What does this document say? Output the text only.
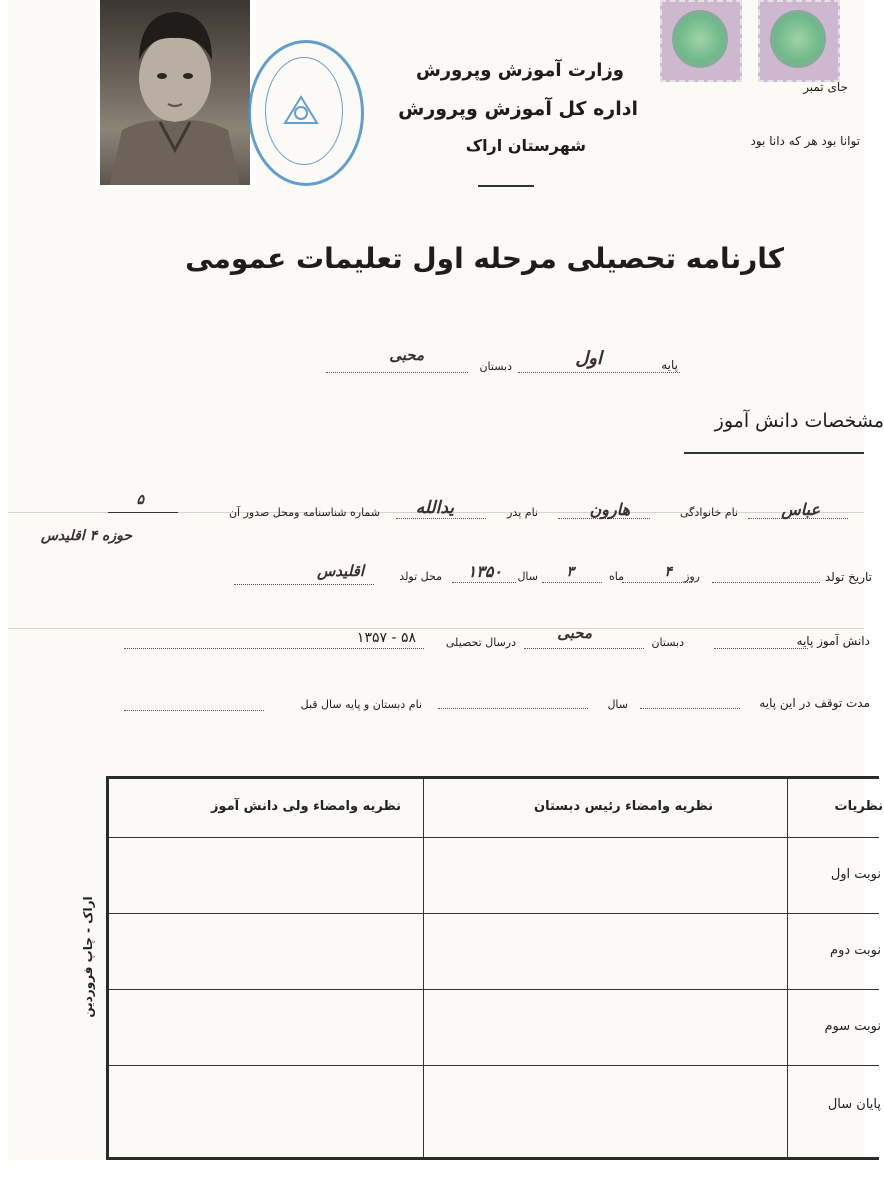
وزارت آموزش وپرورش
اداره کل آموزش وپرورش
شهرستان اراک
جای تمبر
توانا بود هر که دانا بود
کارنامه تحصیلی مرحله اول تعلیمات عمومی
پایه
اول
دبستان
محبی
مشخصات دانش آموز
عباس
نام خانوادگی
هارون
نام پدر
یدالله
شماره شناسنامه ومحل صدور آن
۵
حوزه ۴ اقلیدس
تاریخ تولد
روز
۴
ماه
۳
سال
۱۳۵۰
محل تولد
اقلیدس
دانش آموز پایه
دبستان
محبی
درسال تحصیلی
۱۳۵۷ - ۵۸
مدت توقف در این پایه
سال
نام دبستان و پایه سال قبل
نظریه وامضاء ولی دانش آموز	نظریه وامضاء رئیس دبستان	نظریات
نوبت اول
نوبت دوم
نوبت سوم
پایان سال
اراک - چاپ فروردین
